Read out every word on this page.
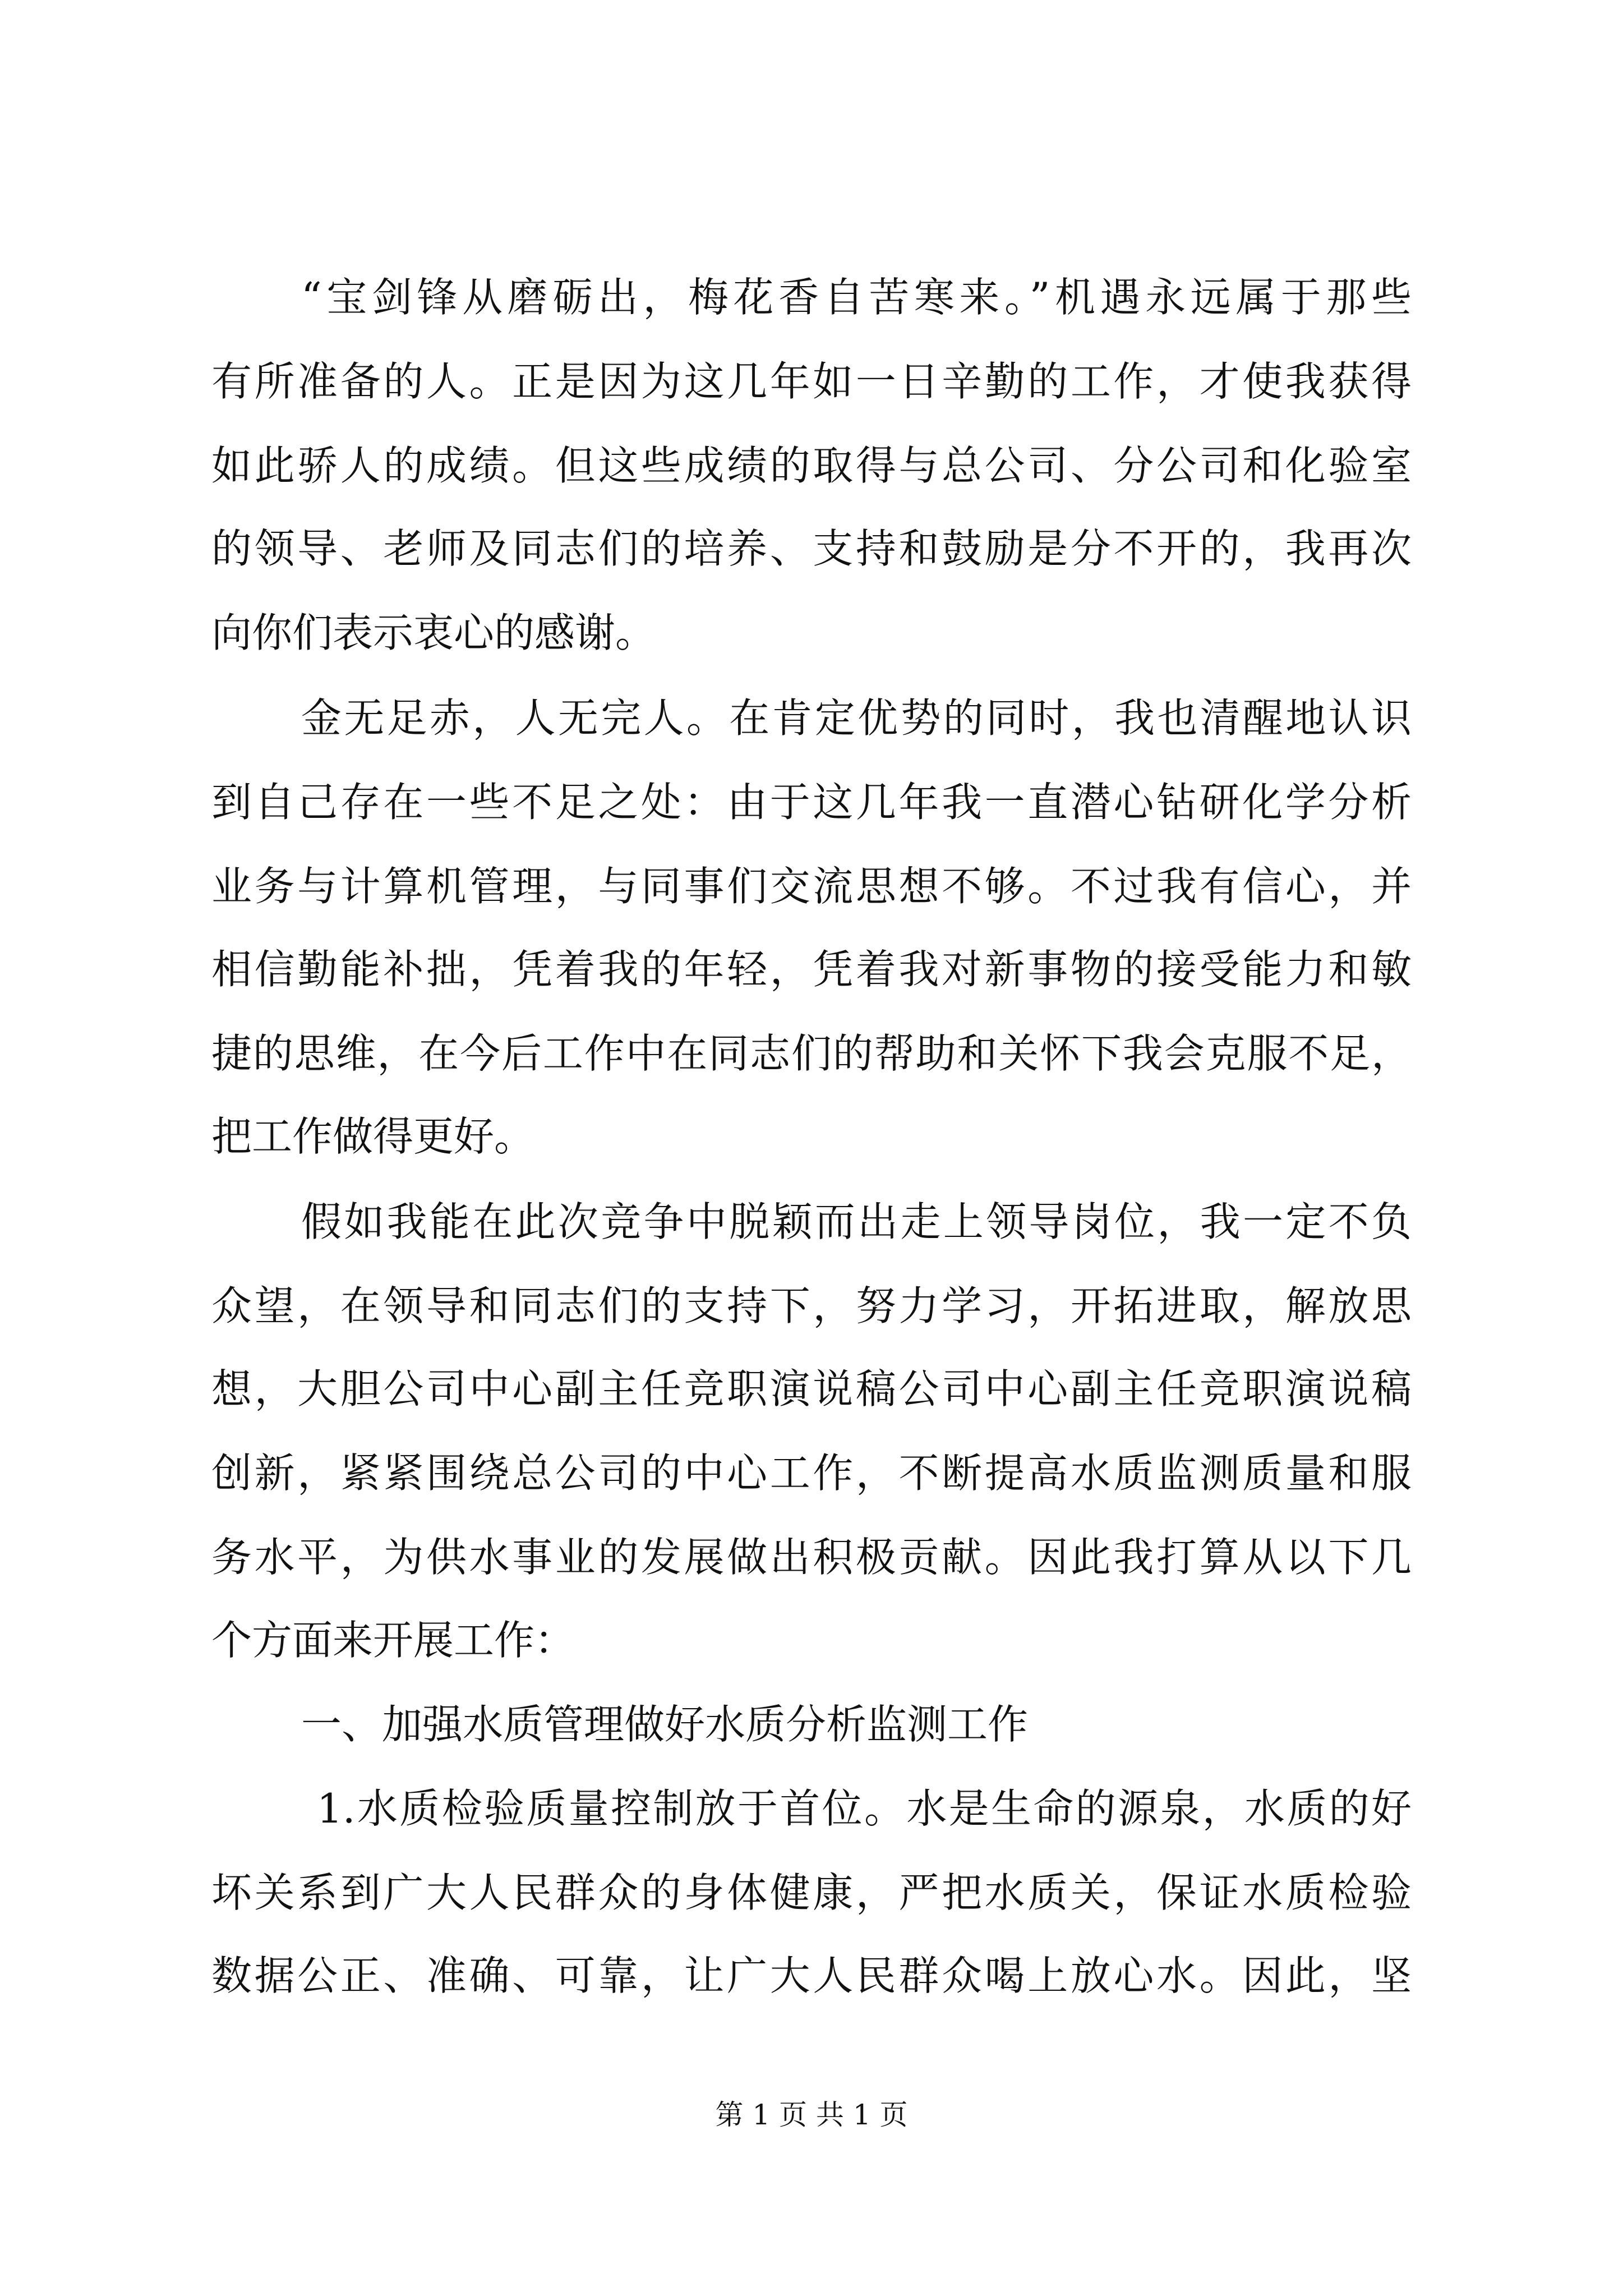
“宝剑锋从磨砺出，梅花香自苦寒来。”机遇永远属于那些
有所准备的人。正是因为这几年如一日辛勤的工作，才使我获得
如此骄人的成绩。但这些成绩的取得与总公司、分公司和化验室
的领导、老师及同志们的培养、支持和鼓励是分不开的，我再次
向你们表示衷心的感谢。
金无足赤，人无完人。在肯定优势的同时，我也清醒地认识
到自己存在一些不足之处：由于这几年我一直潜心钻研化学分析
业务与计算机管理，与同事们交流思想不够。不过我有信心，并
相信勤能补拙，凭着我的年轻，凭着我对新事物的接受能力和敏
捷的思维，在今后工作中在同志们的帮助和关怀下我会克服不足，
把工作做得更好。
假如我能在此次竞争中脱颖而出走上领导岗位，我一定不负
众望，在领导和同志们的支持下，努力学习，开拓进取，解放思
想，大胆公司中心副主任竞职演说稿公司中心副主任竞职演说稿
创新，紧紧围绕总公司的中心工作，不断提高水质监测质量和服
务水平，为供水事业的发展做出积极贡献。因此我打算从以下几
个方面来开展工作：
一、加强水质管理做好水质分析监测工作
1.水质检验质量控制放于首位。水是生命的源泉，水质的好
坏关系到广大人民群众的身体健康，严把水质关，保证水质检验
数据公正、准确、可靠，让广大人民群众喝上放心水。因此，坚
第 1 页 共 1 页
